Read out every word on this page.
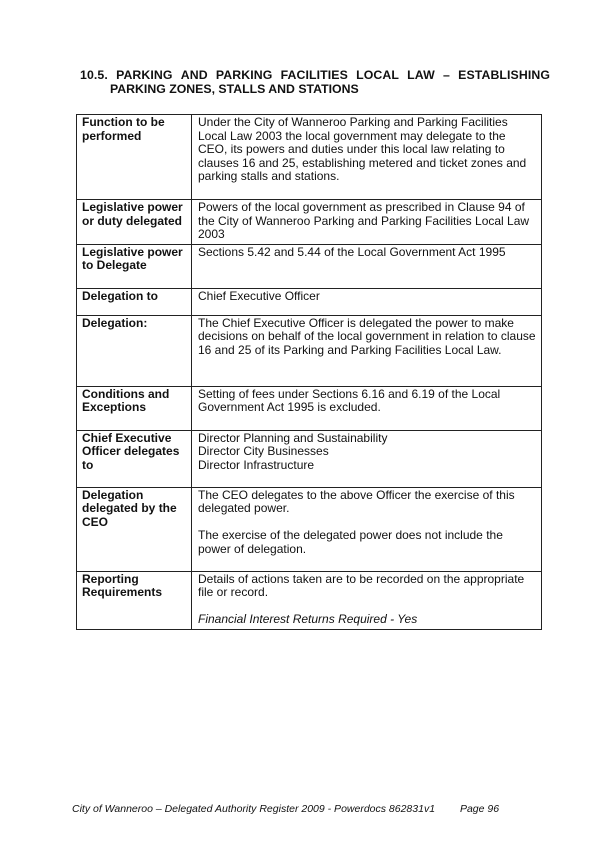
10.5. PARKING AND PARKING FACILITIES LOCAL LAW – ESTABLISHING
PARKING ZONES, STALLS AND STATIONS
Function to be performed	Under the City of Wanneroo Parking and Parking Facilities Local Law 2003 the local government may delegate to the CEO, its powers and duties under this local law relating to clauses 16 and 25, establishing metered and ticket zones and parking stalls and stations.

Legislative power or duty delegated	Powers of the local government as prescribed in Clause 94 of the City of Wanneroo Parking and Parking Facilities Local Law 2003

Legislative power to Delegate	Sections 5.42 and 5.44 of the Local Government Act 1995

Delegation to	Chief Executive Officer

Delegation:	The Chief Executive Officer is delegated the power to make decisions on behalf of the local government in relation to clause 16 and 25 of its Parking and Parking Facilities Local Law.

Conditions and Exceptions	Setting of fees under Sections 6.16 and 6.19 of the Local Government Act 1995 is excluded.

Chief Executive Officer delegates to	Director Planning and Sustainability
Director City Businesses
Director Infrastructure

Delegation delegated by the CEO	The CEO delegates to the above Officer the exercise of this delegated power.
The exercise of the delegated power does not include the power of delegation.

Reporting Requirements	Details of actions taken are to be recorded on the appropriate file or record.
Financial Interest Returns Required - Yes
City of Wanneroo – Delegated Authority Register 2009 - Powerdocs 862831v1 Page 96
